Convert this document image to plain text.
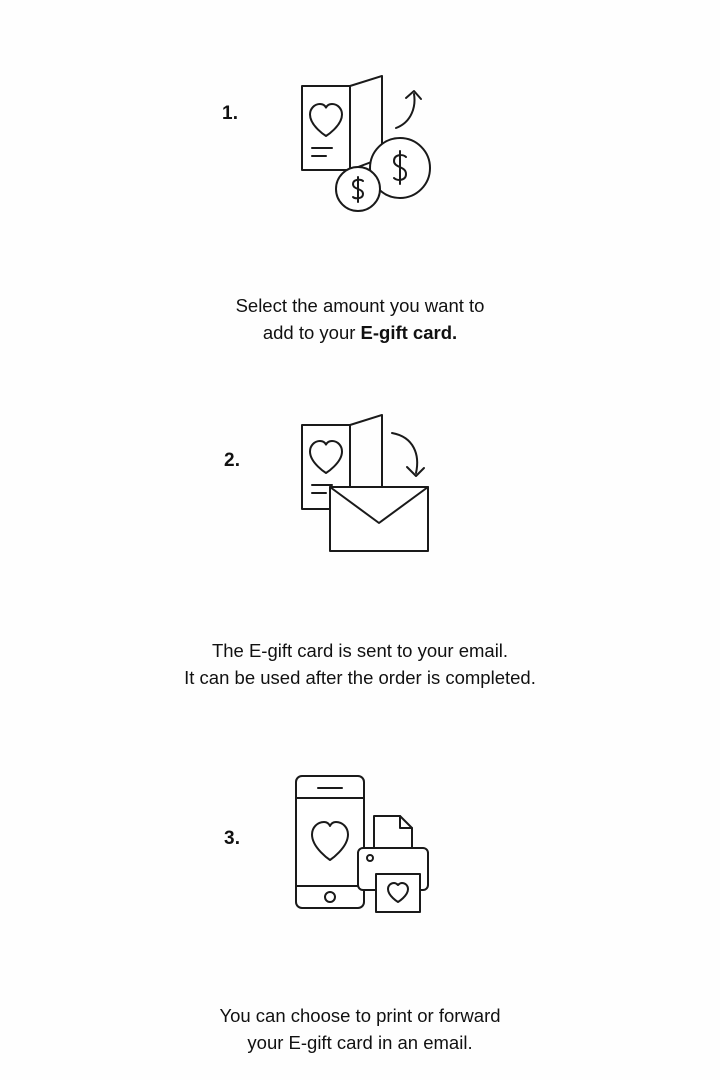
1.
Select the amount you want to
add to your E-gift card.
2.
The E-gift card is sent to your email.
It can be used after the order is completed.
3.
You can choose to print or forward
your E-gift card in an email.
